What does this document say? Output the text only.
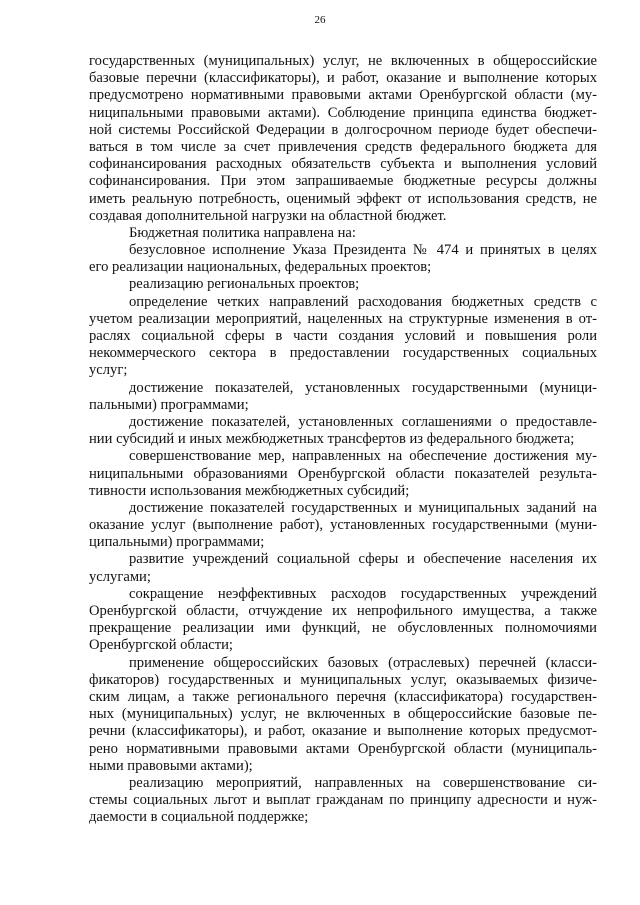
26
государственных (муниципальных) услуг, не включенных в общероссийские
базовые перечни (классификаторы), и работ, оказание и выполнение которых
предусмотрено нормативными правовыми актами Оренбургской области (му-
ниципальными правовыми актами). Соблюдение принципа единства бюджет-
ной системы Российской Федерации в долгосрочном периоде будет обеспечи-
ваться в том числе за счет привлечения средств федерального бюджета для
софинансирования расходных обязательств субъекта и выполнения условий
софинансирования. При этом запрашиваемые бюджетные ресурсы должны
иметь реальную потребность, оценимый эффект от использования средств, не
создавая дополнительной нагрузки на областной бюджет.
Бюджетная политика направлена на:
безусловное исполнение Указа Президента № 474 и принятых в целях
его реализации национальных, федеральных проектов;
реализацию региональных проектов;
определение четких направлений расходования бюджетных средств с
учетом реализации мероприятий, нацеленных на структурные изменения в от-
раслях социальной сферы в части создания условий и повышения роли
некоммерческого сектора в предоставлении государственных социальных
услуг;
достижение показателей, установленных государственными (муници-
пальными) программами;
достижение показателей, установленных соглашениями о предоставле-
нии субсидий и иных межбюджетных трансфертов из федерального бюджета;
совершенствование мер, направленных на обеспечение достижения му-
ниципальными образованиями Оренбургской области показателей результа-
тивности использования межбюджетных субсидий;
достижение показателей государственных и муниципальных заданий на
оказание услуг (выполнение работ), установленных государственными (муни-
ципальными) программами;
развитие учреждений социальной сферы и обеспечение населения их
услугами;
сокращение неэффективных расходов государственных учреждений
Оренбургской области, отчуждение их непрофильного имущества, а также
прекращение реализации ими функций, не обусловленных полномочиями
Оренбургской области;
применение общероссийских базовых (отраслевых) перечней (класси-
фикаторов) государственных и муниципальных услуг, оказываемых физиче-
ским лицам, а также регионального перечня (классификатора) государствен-
ных (муниципальных) услуг, не включенных в общероссийские базовые пе-
речни (классификаторы), и работ, оказание и выполнение которых предусмот-
рено нормативными правовыми актами Оренбургской области (муниципаль-
ными правовыми актами);
реализацию мероприятий, направленных на совершенствование си-
стемы социальных льгот и выплат гражданам по принципу адресности и нуж-
даемости в социальной поддержке;
